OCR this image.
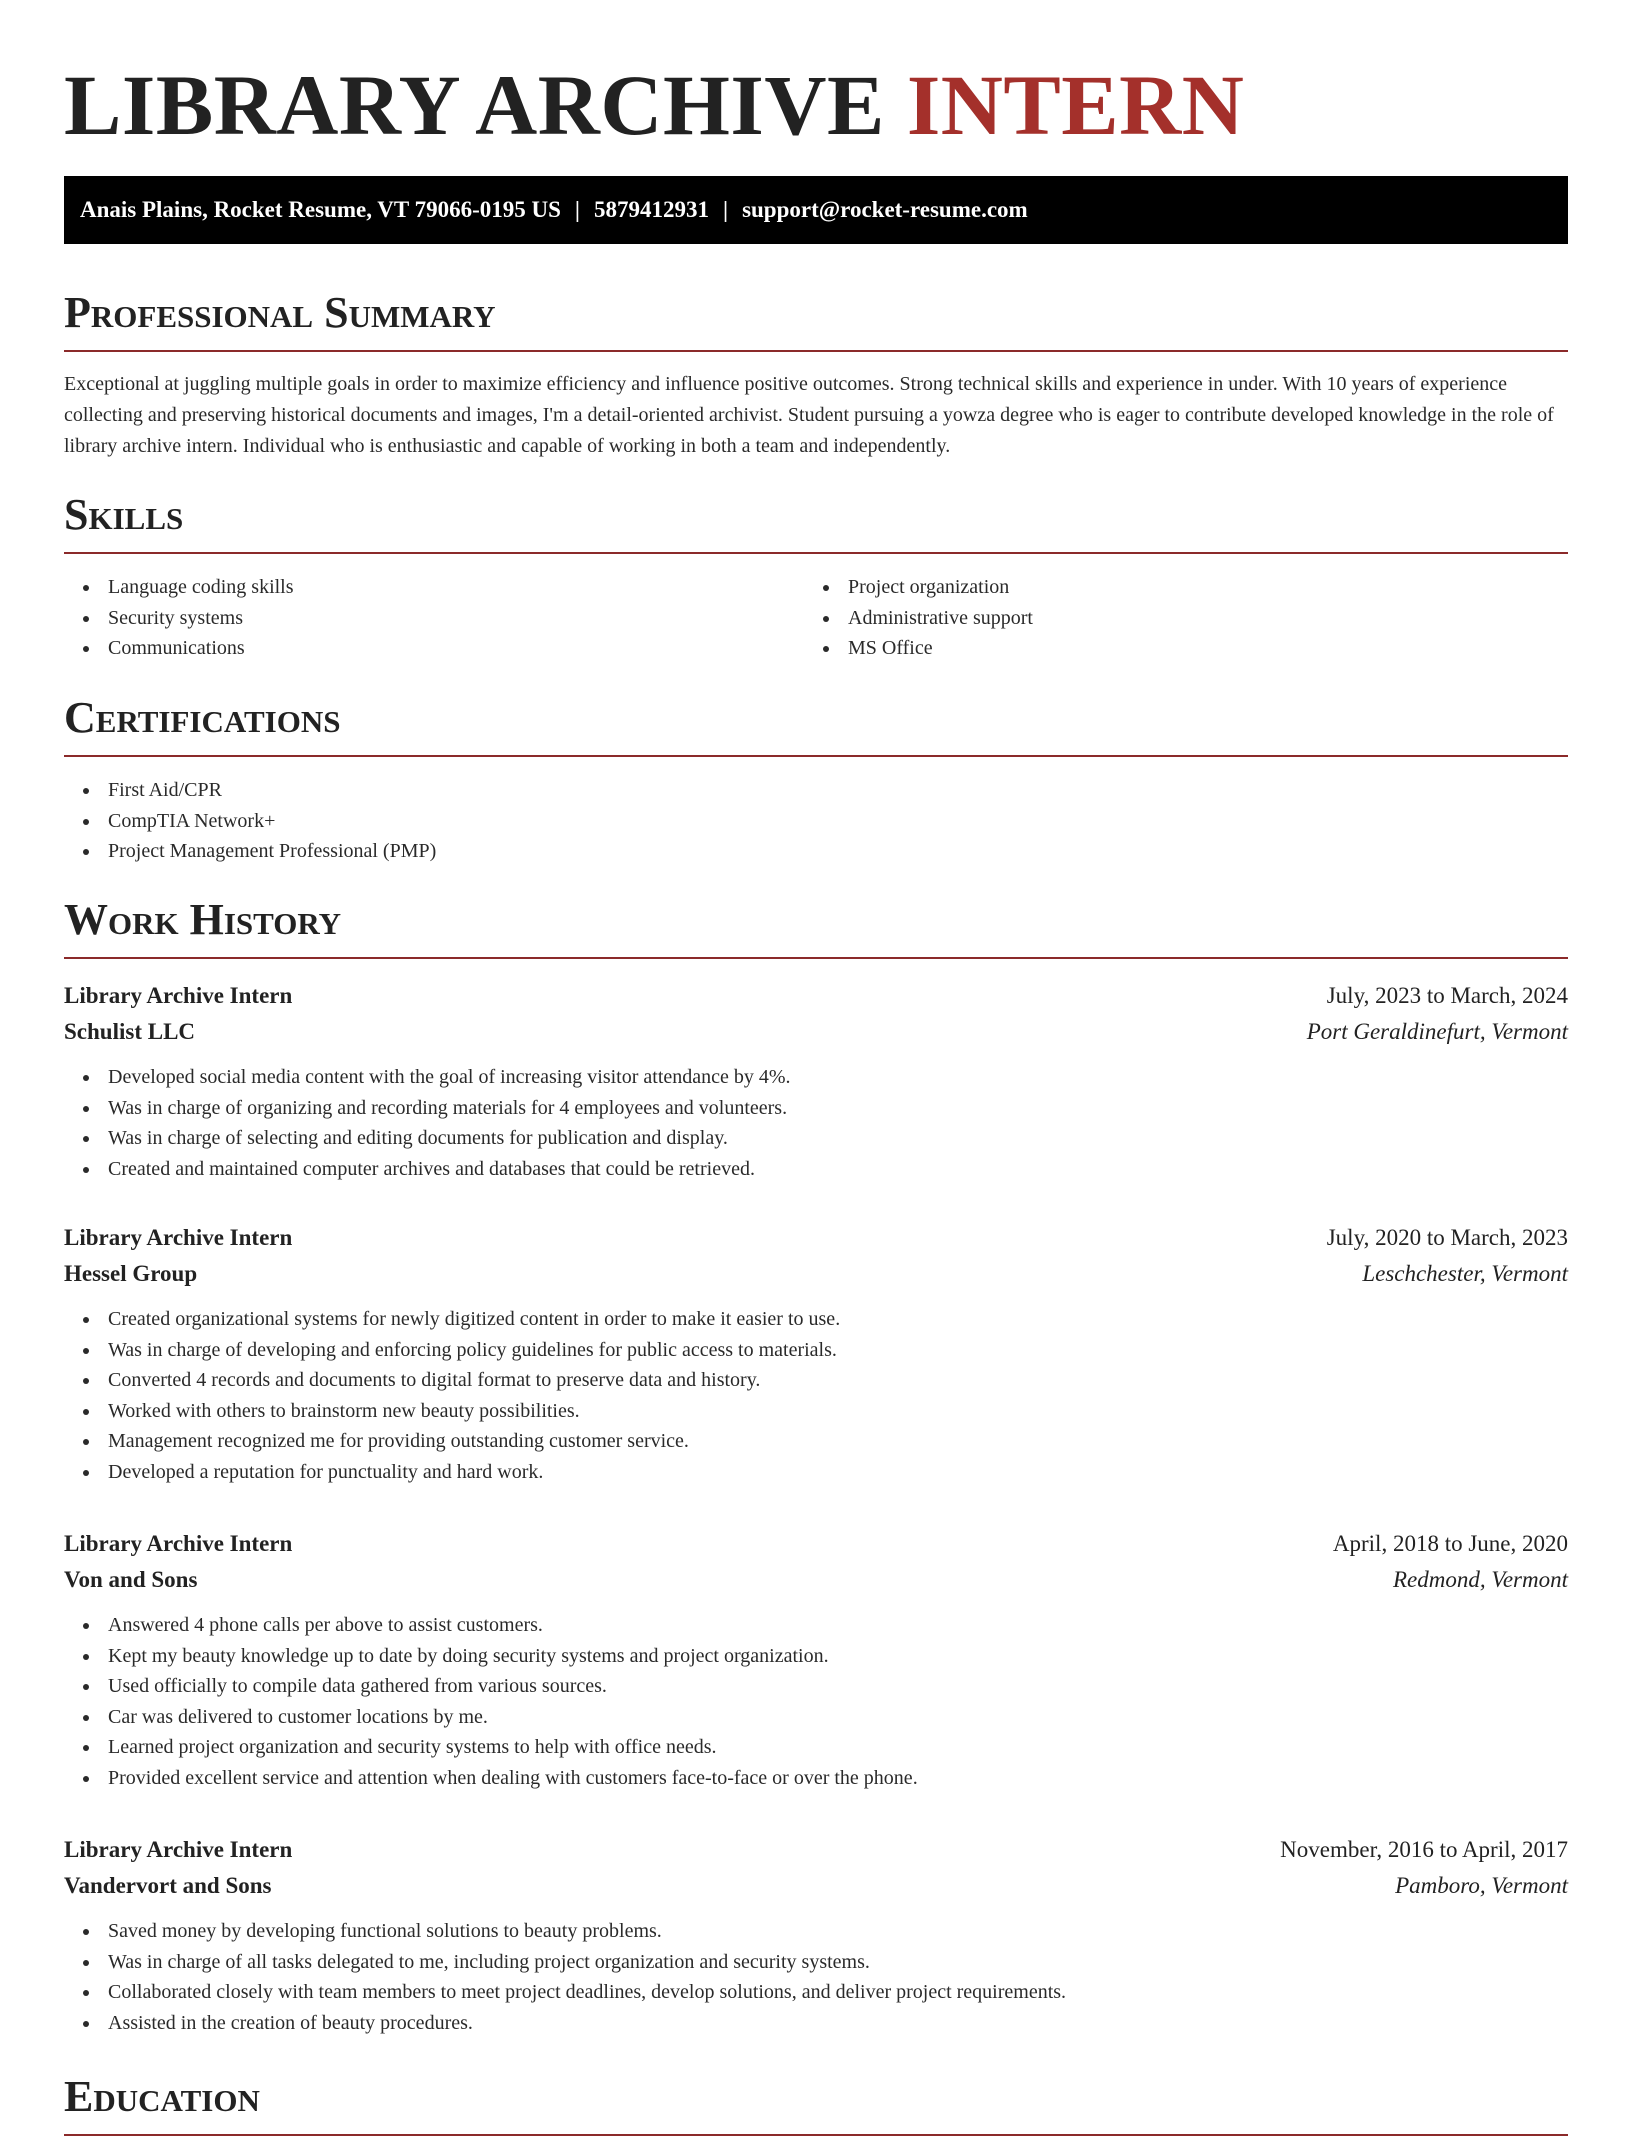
LIBRARY ARCHIVE INTERN
Anais Plains, Rocket Resume, VT 79066-0195 US | 5879412931 | support@rocket-resume.com
Professional Summary

Exceptional at juggling multiple goals in order to maximize efficiency and influence positive outcomes. Strong technical skills and experience in under. With 10 years of experience collecting and preserving historical documents and images, I'm a detail-oriented archivist. Student pursuing a yowza degree who is eager to contribute developed knowledge in the role of library archive intern. Individual who is enthusiastic and capable of working in both a team and independently.

Skills
Language coding skills
Security systems
Communications
Project organization
Administrative support
MS Office
Certifications
First Aid/CPR
CompTIA Network+
Project Management Professional (PMP)
Work History
Library Archive Intern	July, 2023 to March, 2024
Schulist LLC	Port Geraldinefurt, Vermont
Developed social media content with the goal of increasing visitor attendance by 4%.
Was in charge of organizing and recording materials for 4 employees and volunteers.
Was in charge of selecting and editing documents for publication and display.
Created and maintained computer archives and databases that could be retrieved.
Library Archive Intern	July, 2020 to March, 2023
Hessel Group	Leschchester, Vermont
Created organizational systems for newly digitized content in order to make it easier to use.
Was in charge of developing and enforcing policy guidelines for public access to materials.
Converted 4 records and documents to digital format to preserve data and history.
Worked with others to brainstorm new beauty possibilities.
Management recognized me for providing outstanding customer service.
Developed a reputation for punctuality and hard work.
Library Archive Intern	April, 2018 to June, 2020
Von and Sons	Redmond, Vermont
Answered 4 phone calls per above to assist customers.
Kept my beauty knowledge up to date by doing security systems and project organization.
Used officially to compile data gathered from various sources.
Car was delivered to customer locations by me.
Learned project organization and security systems to help with office needs.
Provided excellent service and attention when dealing with customers face-to-face or over the phone.
Library Archive Intern	November, 2016 to April, 2017
Vandervort and Sons	Pamboro, Vermont
Saved money by developing functional solutions to beauty problems.
Was in charge of all tasks delegated to me, including project organization and security systems.
Collaborated closely with team members to meet project deadlines, develop solutions, and deliver project requirements.
Assisted in the creation of beauty procedures.
Education
